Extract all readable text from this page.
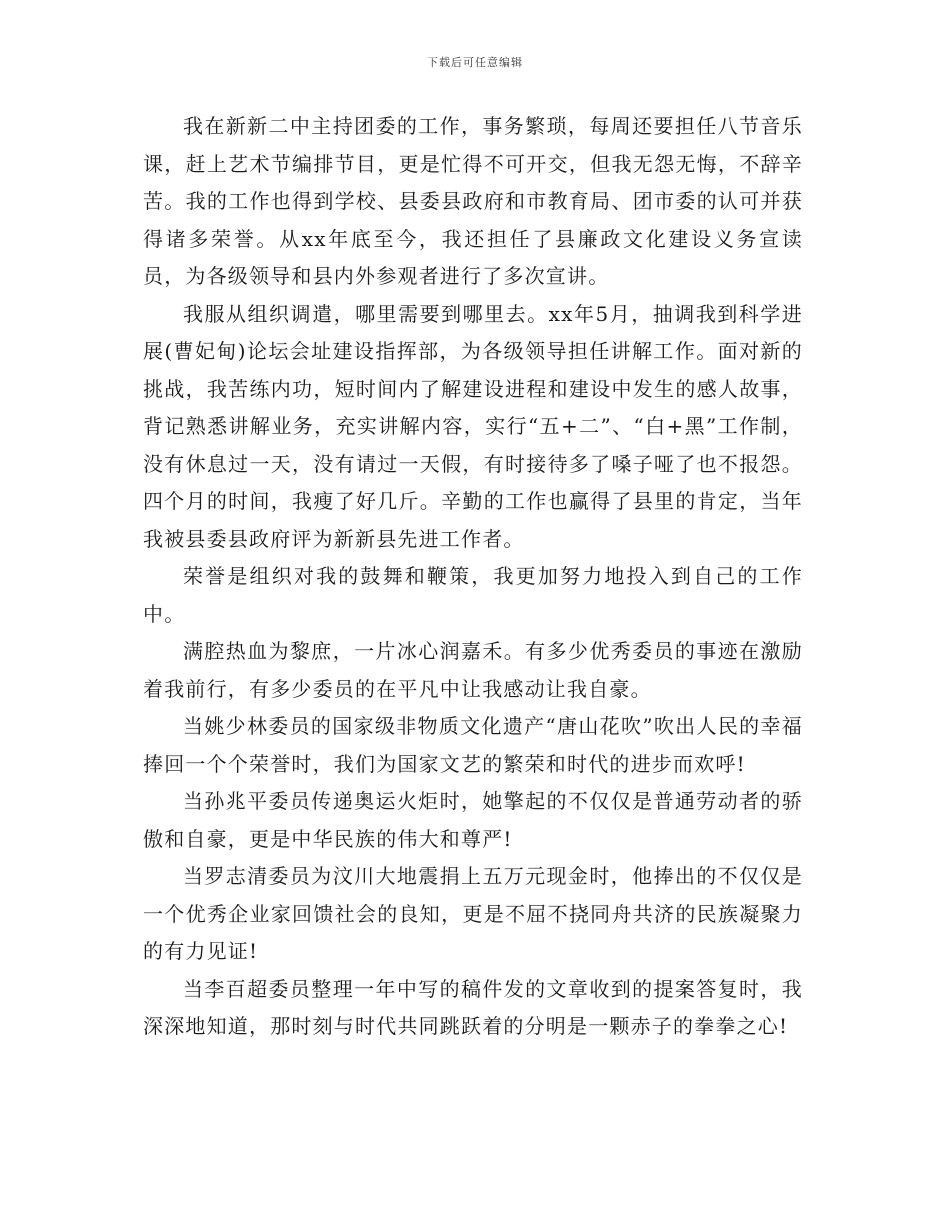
下载后可任意编辑

我在新新二中主持团委的工作，事务繁琐，每周还要担任八节音乐课，赶上艺术节编排节目，更是忙得不可开交，但我无怨无悔，不辞辛苦。我的工作也得到学校、县委县政府和市教育局、团市委的认可并获得诸多荣誉。从xx年底至今，我还担任了县廉政文化建设义务宣读员，为各级领导和县内外参观者进行了多次宣讲。

我服从组织调遣，哪里需要到哪里去。xx年5月，抽调我到科学进展(曹妃甸)论坛会址建设指挥部，为各级领导担任讲解工作。面对新的挑战，我苦练内功，短时间内了解建设进程和建设中发生的感人故事，背记熟悉讲解业务，充实讲解内容，实行“五+二”、“白+黑”工作制，没有休息过一天，没有请过一天假，有时接待多了嗓子哑了也不报怨。四个月的时间，我瘦了好几斤。辛勤的工作也赢得了县里的肯定，当年我被县委县政府评为新新县先进工作者。

荣誉是组织对我的鼓舞和鞭策，我更加努力地投入到自己的工作中。

满腔热血为黎庶，一片冰心润嘉禾。有多少优秀委员的事迹在激励着我前行，有多少委员的在平凡中让我感动让我自豪。

当姚少林委员的国家级非物质文化遗产“唐山花吹”吹出人民的幸福捧回一个个荣誉时，我们为国家文艺的繁荣和时代的进步而欢呼!

当孙兆平委员传递奥运火炬时，她擎起的不仅仅是普通劳动者的骄傲和自豪，更是中华民族的伟大和尊严!

当罗志清委员为汶川大地震捐上五万元现金时，他捧出的不仅仅是一个优秀企业家回馈社会的良知，更是不屈不挠同舟共济的民族凝聚力的有力见证!

当李百超委员整理一年中写的稿件发的文章收到的提案答复时，我深深地知道，那时刻与时代共同跳跃着的分明是一颗赤子的拳拳之心!
